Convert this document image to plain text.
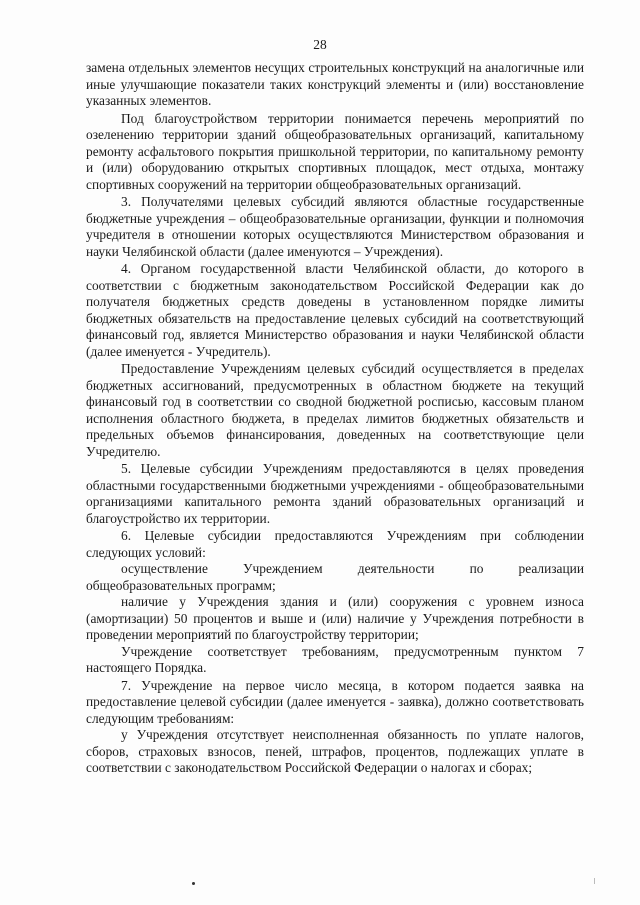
28

замена отдельных элементов несущих строительных конструкций на аналогичные или иные улучшающие показатели таких конструкций элементы и (или) восстановление указанных элементов.

Под благоустройством территории понимается перечень мероприятий по озеленению территории зданий общеобразовательных организаций, капитальному ремонту асфальтового покрытия пришкольной территории, по капитальному ремонту и (или) оборудованию открытых спортивных площадок, мест отдыха, монтажу спортивных сооружений на территории общеобразовательных организаций.

3. Получателями целевых субсидий являются областные государственные бюджетные учреждения – общеобразовательные организации, функции и полномочия учредителя в отношении которых осуществляются Министерством образования и науки Челябинской области (далее именуются – Учреждения).

4. Органом государственной власти Челябинской области, до которого в соответствии с бюджетным законодательством Российской Федерации как до получателя бюджетных средств доведены в установленном порядке лимиты бюджетных обязательств на предоставление целевых субсидий на соответствующий финансовый год, является Министерство образования и науки Челябинской области (далее именуется - Учредитель).

Предоставление Учреждениям целевых субсидий осуществляется в пределах бюджетных ассигнований, предусмотренных в областном бюджете на текущий финансовый год в соответствии со сводной бюджетной росписью, кассовым планом исполнения областного бюджета, в пределах лимитов бюджетных обязательств и предельных объемов финансирования, доведенных на соответствующие цели Учредителю.

5. Целевые субсидии Учреждениям предоставляются в целях проведения областными государственными бюджетными учреждениями - общеобразовательными организациями капитального ремонта зданий образовательных организаций и благоустройство их территории.

6. Целевые субсидии предоставляются Учреждениям при соблюдении следующих условий:

осуществление Учреждением деятельности по реализации общеобразовательных программ;

наличие у Учреждения здания и (или) сооружения с уровнем износа (амортизации) 50 процентов и выше и (или) наличие у Учреждения потребности в проведении мероприятий по благоустройству территории;

Учреждение соответствует требованиям, предусмотренным пунктом 7 настоящего Порядка.

7. Учреждение на первое число месяца, в котором подается заявка на предоставление целевой субсидии (далее именуется - заявка), должно соответствовать следующим требованиям:

у Учреждения отсутствует неисполненная обязанность по уплате налогов, сборов, страховых взносов, пеней, штрафов, процентов, подлежащих уплате в соответствии с законодательством Российской Федерации о налогах и сборах;
